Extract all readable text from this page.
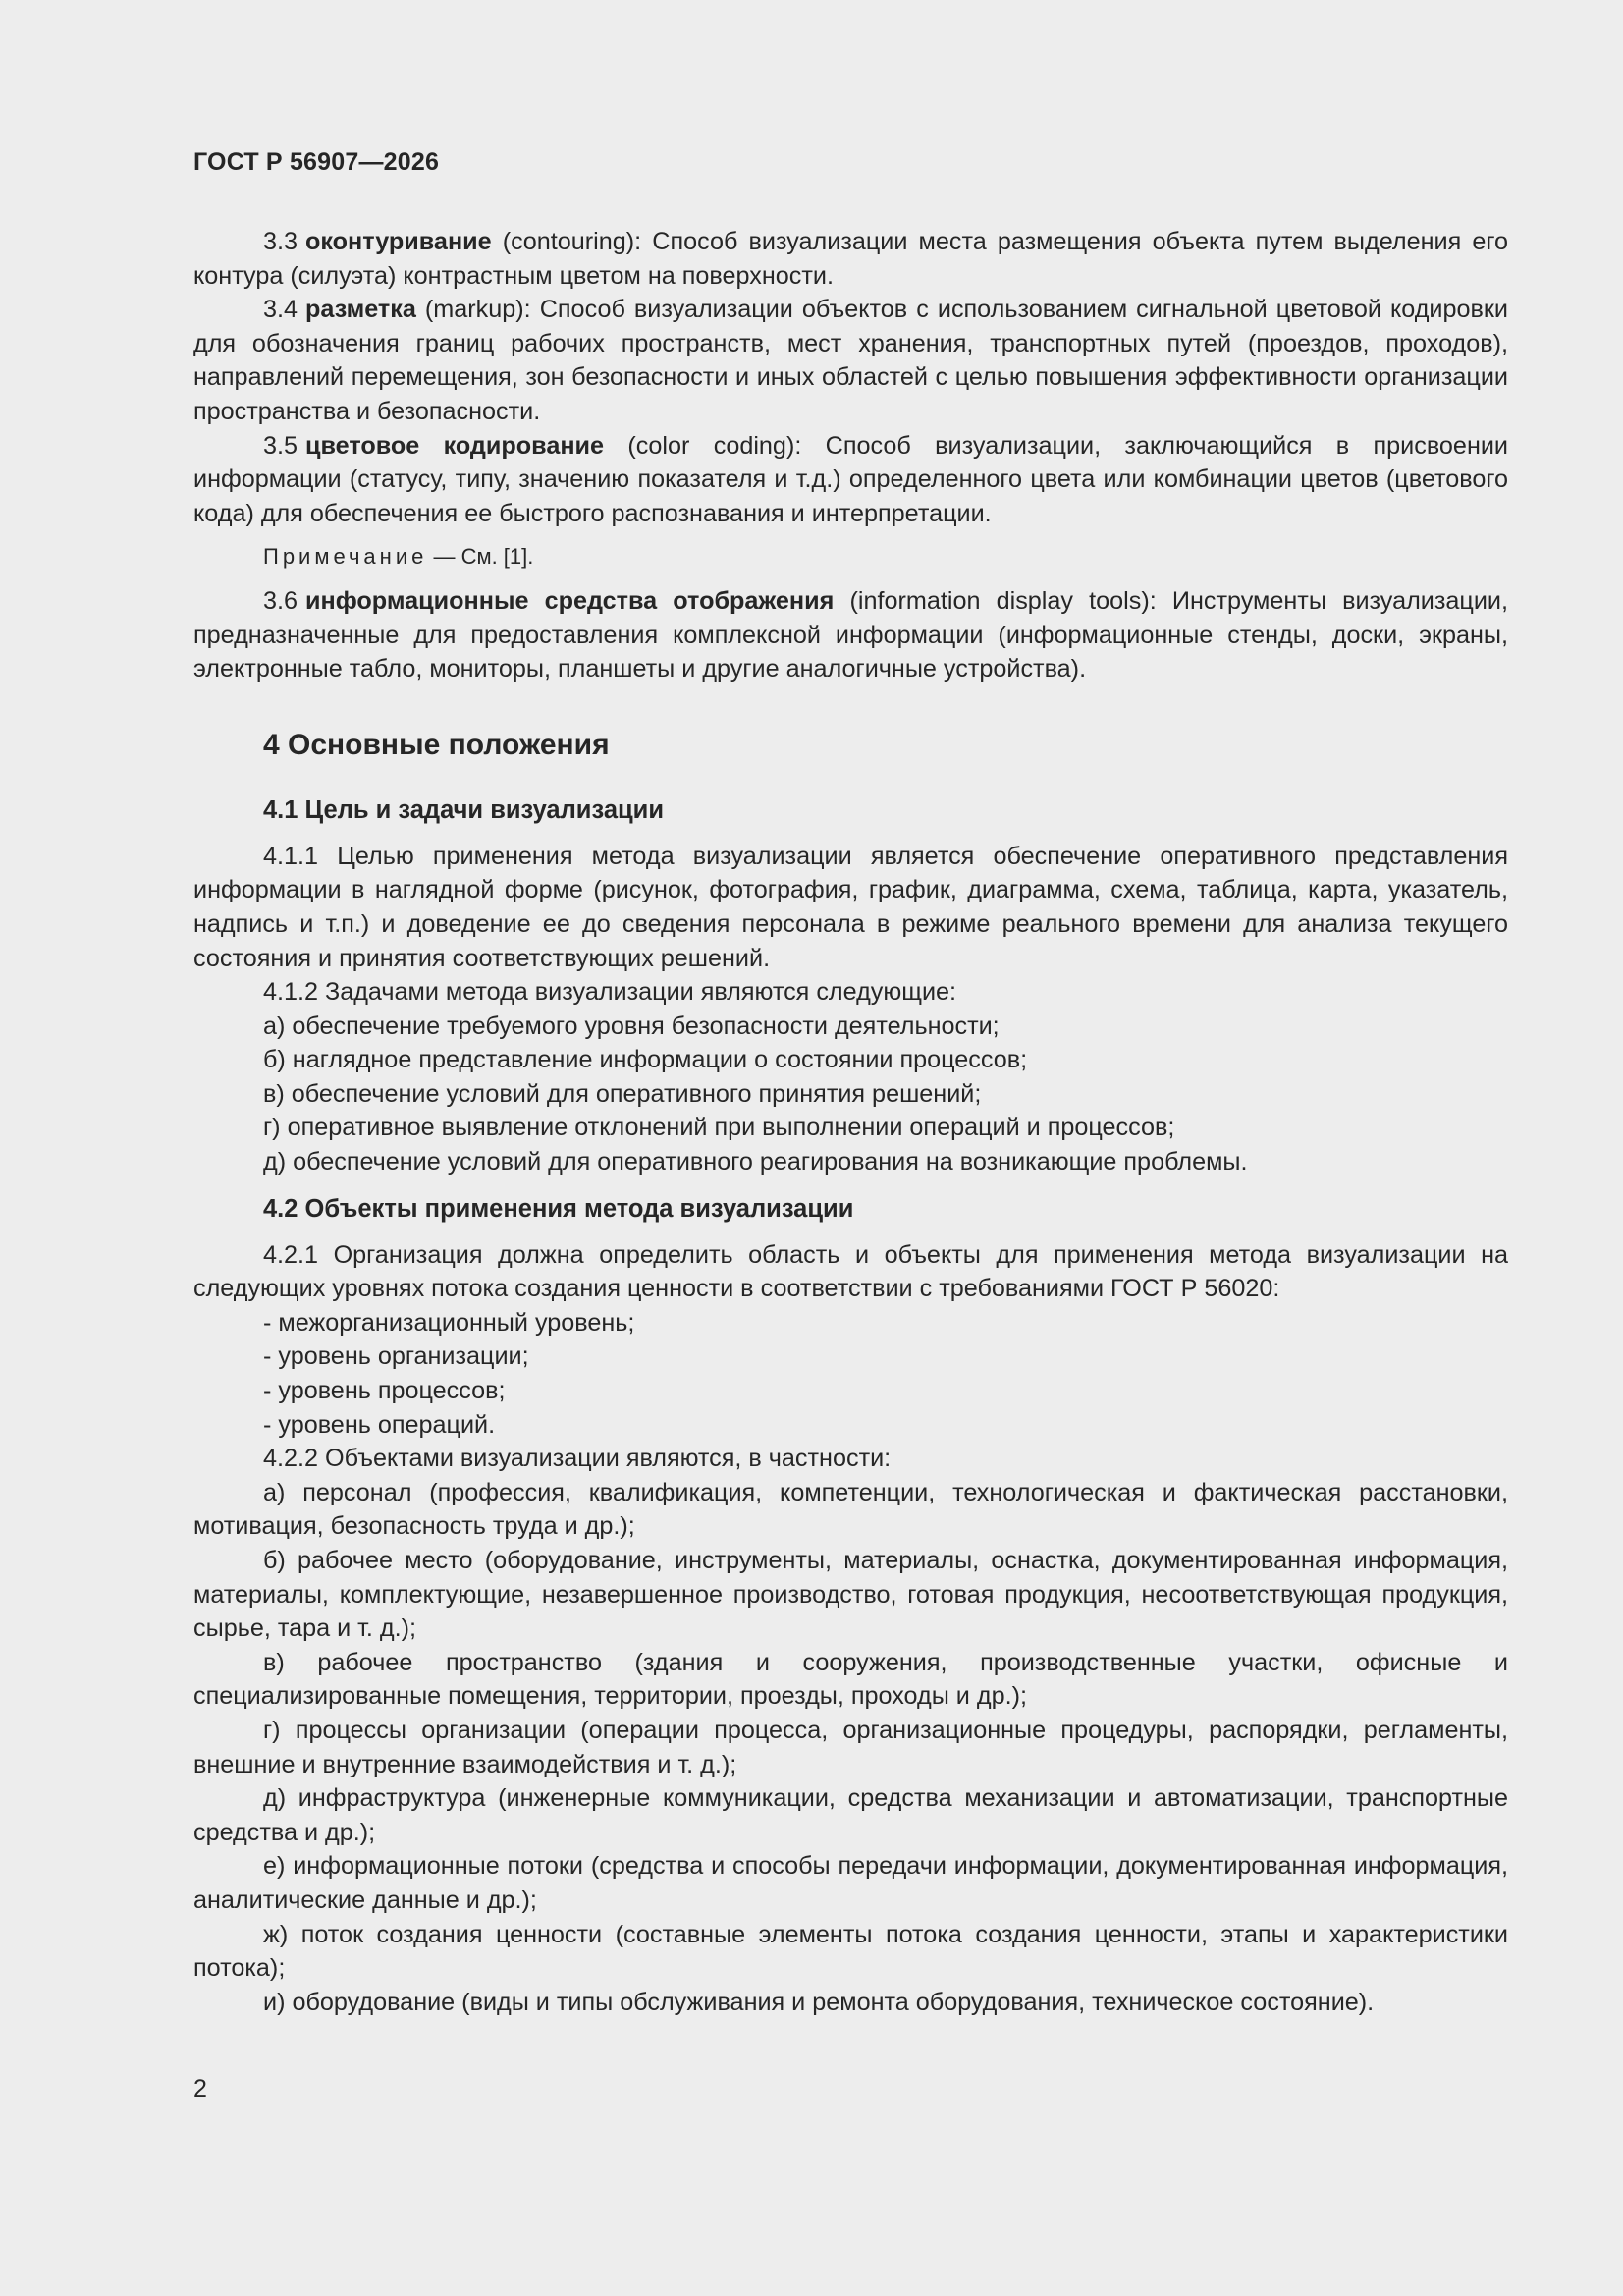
ГОСТ Р 56907—2026

3.3 оконтуривание (contouring): Способ визуализации места размещения объекта путем выделения его контура (силуэта) контрастным цветом на поверхности.

3.4 разметка (markup): Способ визуализации объектов с использованием сигнальной цветовой кодировки для обозначения границ рабочих пространств, мест хранения, транспортных путей (проездов, проходов), направлений перемещения, зон безопасности и иных областей с целью повышения эффективности организации пространства и безопасности.

3.5 цветовое кодирование (color coding): Способ визуализации, заключающийся в присвоении информации (статусу, типу, значению показателя и т.д.) определенного цвета или комбинации цветов (цветового кода) для обеспечения ее быстрого распознавания и интерпретации.

Примечание — См. [1].

3.6 информационные средства отображения (information display tools): Инструменты визуализации, предназначенные для предоставления комплексной информации (информационные стенды, доски, экраны, электронные табло, мониторы, планшеты и другие аналогичные устройства).

4 Основные положения
4.1 Цель и задачи визуализации

4.1.1 Целью применения метода визуализации является обеспечение оперативного представления информации в наглядной форме (рисунок, фотография, график, диаграмма, схема, таблица, карта, указатель, надпись и т.п.) и доведение ее до сведения персонала в режиме реального времени для анализа текущего состояния и принятия соответствующих решений.

4.1.2 Задачами метода визуализации являются следующие:

а) обеспечение требуемого уровня безопасности деятельности;

б) наглядное представление информации о состоянии процессов;

в) обеспечение условий для оперативного принятия решений;

г) оперативное выявление отклонений при выполнении операций и процессов;

д) обеспечение условий для оперативного реагирования на возникающие проблемы.

4.2 Объекты применения метода визуализации

4.2.1 Организация должна определить область и объекты для применения метода визуализации на следующих уровнях потока создания ценности в соответствии с требованиями ГОСТ Р 56020:

- межорганизационный уровень;

- уровень организации;

- уровень процессов;

- уровень операций.

4.2.2 Объектами визуализации являются, в частности:

а) персонал (профессия, квалификация, компетенции, технологическая и фактическая расстановки, мотивация, безопасность труда и др.);

б) рабочее место (оборудование, инструменты, материалы, оснастка, документированная информация, материалы, комплектующие, незавершенное производство, готовая продукция, несоответствующая продукция, сырье, тара и т. д.);

в) рабочее пространство (здания и сооружения, производственные участки, офисные и специализированные помещения, территории, проезды, проходы и др.);

г) процессы организации (операции процесса, организационные процедуры, распорядки, регламенты, внешние и внутренние взаимодействия и т. д.);

д) инфраструктура (инженерные коммуникации, средства механизации и автоматизации, транспортные средства и др.);

е) информационные потоки (средства и способы передачи информации, документированная информация, аналитические данные и др.);

ж) поток создания ценности (составные элементы потока создания ценности, этапы и характеристики потока);

и) оборудование (виды и типы обслуживания и ремонта оборудования, техническое состояние).

2
